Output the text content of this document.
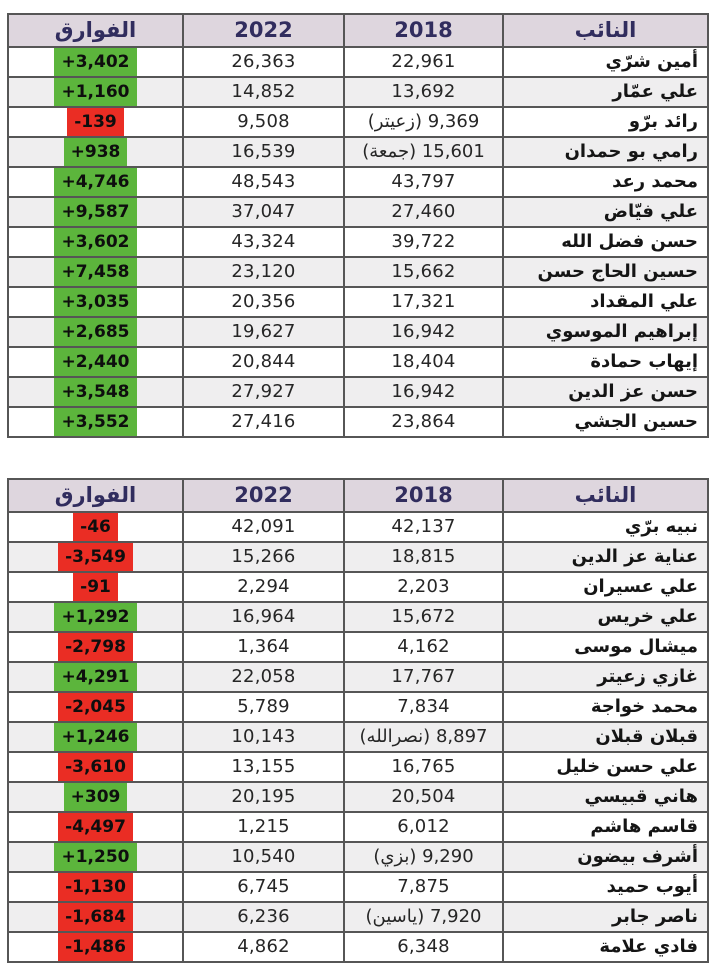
النائب	2018	2022	الفوارق
أمين شرّي	22,961	26,363	+3,402
علي عمّار	13,692	14,852	+1,160
رائد برّو	9,369 (زعيتر)	9,508	-139
رامي بو حمدان	15,601 (جمعة)	16,539	+938
محمد رعد	43,797	48,543	+4,746
علي فيّاض	27,460	37,047	+9,587
حسن فضل الله	39,722	43,324	+3,602
حسين الحاج حسن	15,662	23,120	+7,458
علي المقداد	17,321	20,356	+3,035
إبراهيم الموسوي	16,942	19,627	+2,685
إيهاب حمادة	18,404	20,844	+2,440
حسن عز الدين	16,942	27,927	+3,548
حسين الجشي	23,864	27,416	+3,552
النائب	2018	2022	الفوارق
نبيه برّي	42,137	42,091	-46
عناية عز الدين	18,815	15,266	-3,549
علي عسيران	2,203	2,294	-91
علي خريس	15,672	16,964	+1,292
ميشال موسى	4,162	1,364	-2,798
غازي زعيتر	17,767	22,058	+4,291
محمد خواجة	7,834	5,789	-2,045
قبلان قبلان	8,897 (نصرالله)	10,143	+1,246
علي حسن خليل	16,765	13,155	-3,610
هاني قبيسي	20,504	20,195	+309
قاسم هاشم	6,012	1,215	-4,497
أشرف بيضون	9,290 (بزي)	10,540	+1,250
أيوب حميد	7,875	6,745	-1,130
ناصر جابر	7,920 (ياسين)	6,236	-1,684
فادي علامة	6,348	4,862	-1,486
